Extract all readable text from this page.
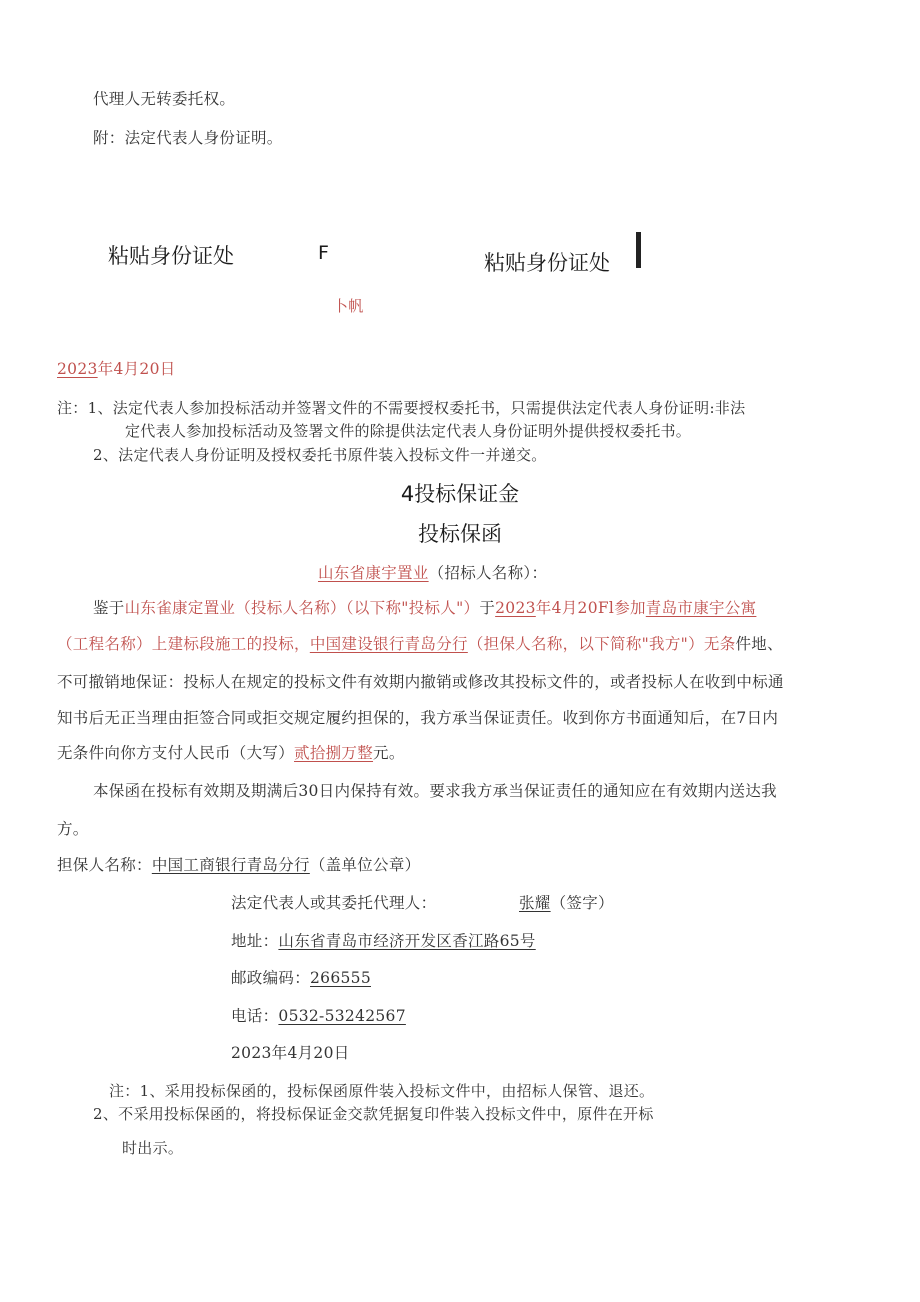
代理人无转委托权。
附：法定代表人身份证明。
粘贴身份证处	F	粘贴身份证处
卜帆
2023年4月20日
注：1、法定代表人参加投标活动并签署文件的不需要授权委托书，只需提供法定代表人身份证明:非法
定代表人参加投标活动及签署文件的除提供法定代表人身份证明外提供授权委托书。
2、法定代表人身份证明及授权委托书原件装入投标文件一并递交。
4投标保证金
投标保函
山东省康宇置业（招标人名称）：
鉴于山东雀康定置业（投标人名称）（以下称"投标人"）于2023年4月20Fl参加青岛市康宇公寓
（工程名称）上建标段施工的投标，中国建设银行青岛分行（担保人名称，以下简称"我方"）无条件地、
不可撤销地保证：投标人在规定的投标文件有效期内撤销或修改其投标文件的，或者投标人在收到中标通
知书后无正当理由拒签合同或拒交规定履约担保的，我方承当保证责任。收到你方书面通知后，在7日内
无条件向你方支付人民币（大写）贰拾捌万整元。
本保函在投标有效期及期满后30日内保持有效。要求我方承当保证责任的通知应在有效期内送达我
方。
担保人名称：中国工商银行青岛分行（盖单位公章）
法定代表人或其委托代理人：	张耀（签字）
地址：山东省青岛市经济开发区香江路65号
邮政编码：266555
电话：0532-53242567
2023年4月20日
注：1、采用投标保函的，投标保函原件装入投标文件中，由招标人保管、退还。
2、不采用投标保函的，将投标保证金交款凭据复印件装入投标文件中，原件在开标
时出示。
